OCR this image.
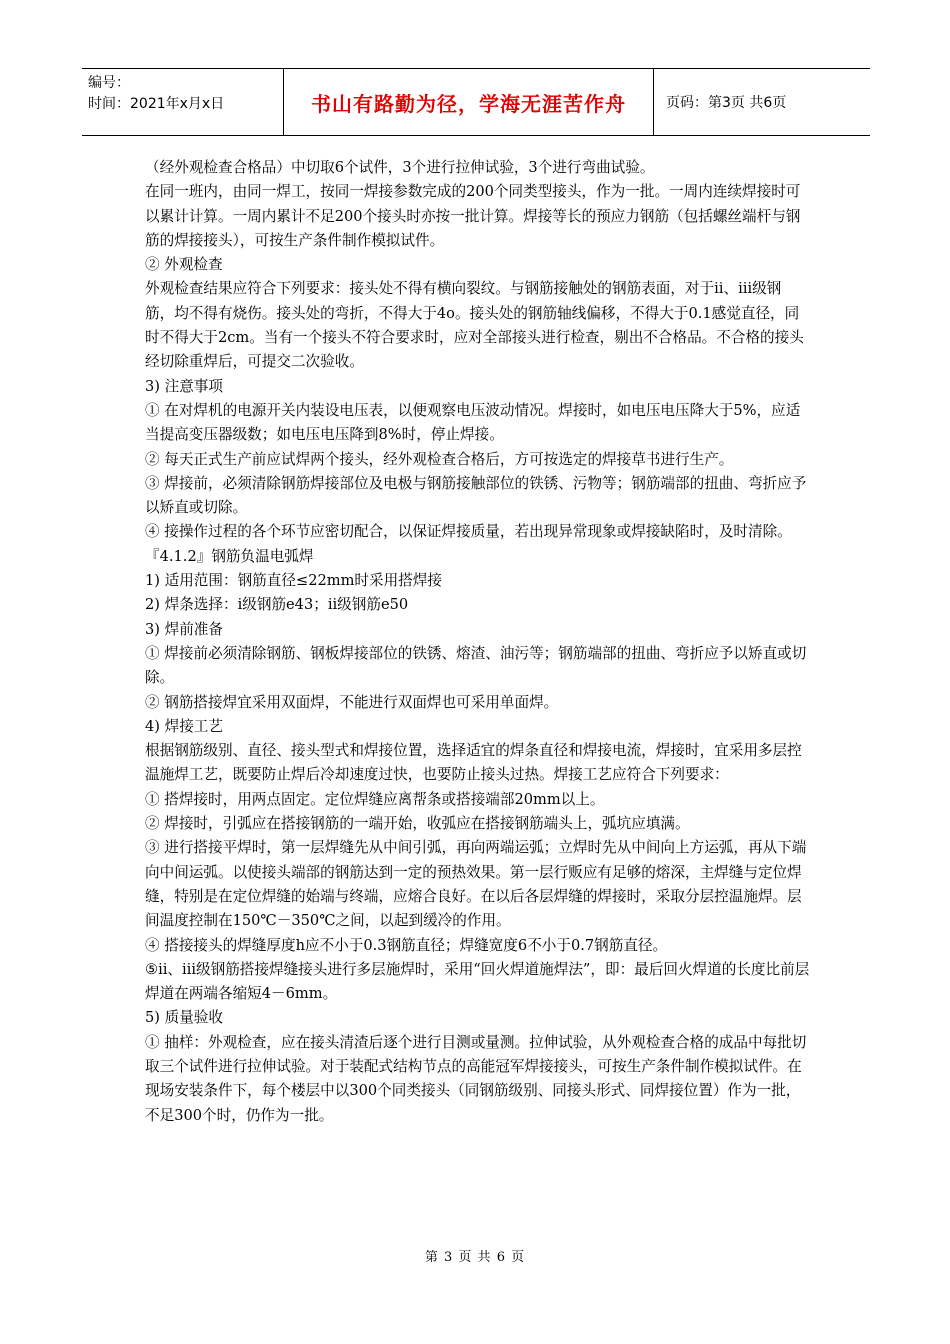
编号：
时间：2021年x月x日	书山有路勤为径，学海无涯苦作舟	页码：第3页 共6页

（经外观检查合格品）中切取6个试件，3个进行拉伸试验，3个进行弯曲试验。

在同一班内，由同一焊工，按同一焊接参数完成的200个同类型接头，作为一批。一周内连续焊接时可以累计计算。一周内累计不足200个接头时亦按一批计算。焊接等长的预应力钢筋（包括螺丝端杆与钢筋的焊接接头），可按生产条件制作模拟试件。

② 外观检查

外观检查结果应符合下列要求：接头处不得有横向裂纹。与钢筋接触处的钢筋表面，对于ⅱ、ⅲ级钢筋，均不得有烧伤。接头处的弯折，不得大于4o。接头处的钢筋轴线偏移，不得大于0.1感觉直径，同时不得大于2cm。当有一个接头不符合要求时，应对全部接头进行检查，剔出不合格品。不合格的接头经切除重焊后，可提交二次验收。

3) 注意事项

① 在对焊机的电源开关内装设电压表，以便观察电压波动情况。焊接时，如电压电压降大于5%，应适当提高变压器级数；如电压电压降到8%时，停止焊接。

② 每天正式生产前应试焊两个接头，经外观检查合格后，方可按选定的焊接草书进行生产。

③ 焊接前，必须清除钢筋焊接部位及电极与钢筋接触部位的铁锈、污物等；钢筋端部的扭曲、弯折应予以矫直或切除。

④ 接操作过程的各个环节应密切配合，以保证焊接质量，若出现异常现象或焊接缺陷时，及时清除。

『4.1.2』钢筋负温电弧焊

1) 适用范围：钢筋直径≤22mm时采用搭焊接

2) 焊条选择：ⅰ级钢筋e43；ⅱ级钢筋e50

3) 焊前准备

① 焊接前必须清除钢筋、钢板焊接部位的铁锈、熔渣、油污等；钢筋端部的扭曲、弯折应予以矫直或切除。

② 钢筋搭接焊宜采用双面焊，不能进行双面焊也可采用单面焊。

4) 焊接工艺

根据钢筋级别、直径、接头型式和焊接位置，选择适宜的焊条直径和焊接电流，焊接时，宜采用多层控温施焊工艺，既要防止焊后冷却速度过快，也要防止接头过热。焊接工艺应符合下列要求：

① 搭焊接时，用两点固定。定位焊缝应离帮条或搭接端部20mm以上。

② 焊接时，引弧应在搭接钢筋的一端开始，收弧应在搭接钢筋端头上，弧坑应填满。

③ 进行搭接平焊时，第一层焊缝先从中间引弧，再向两端运弧；立焊时先从中间向上方运弧，再从下端向中间运弧。以使接头端部的钢筋达到一定的预热效果。第一层行贩应有足够的熔深，主焊缝与定位焊缝，特别是在定位焊缝的始端与终端，应熔合良好。在以后各层焊缝的焊接时，采取分层控温施焊。层间温度控制在150℃－350℃之间，以起到缓冷的作用。

④ 搭接接头的焊缝厚度h应不小于0.3钢筋直径；焊缝宽度6不小于0.7钢筋直径。

⑤ⅱ、ⅲ级钢筋搭接焊缝接头进行多层施焊时，采用“回火焊道施焊法”，即：最后回火焊道的长度比前层焊道在两端各缩短4－6mm。

5) 质量验收

① 抽样：外观检查，应在接头清渣后逐个进行目测或量测。拉伸试验，从外观检查合格的成品中每批切取三个试件进行拉伸试验。对于装配式结构节点的高能冠军焊接接头，可按生产条件制作模拟试件。在现场安装条件下，每个楼层中以300个同类接头（同钢筋级别、同接头形式、同焊接位置）作为一批，不足300个时，仍作为一批。

第 3 页 共 6 页
